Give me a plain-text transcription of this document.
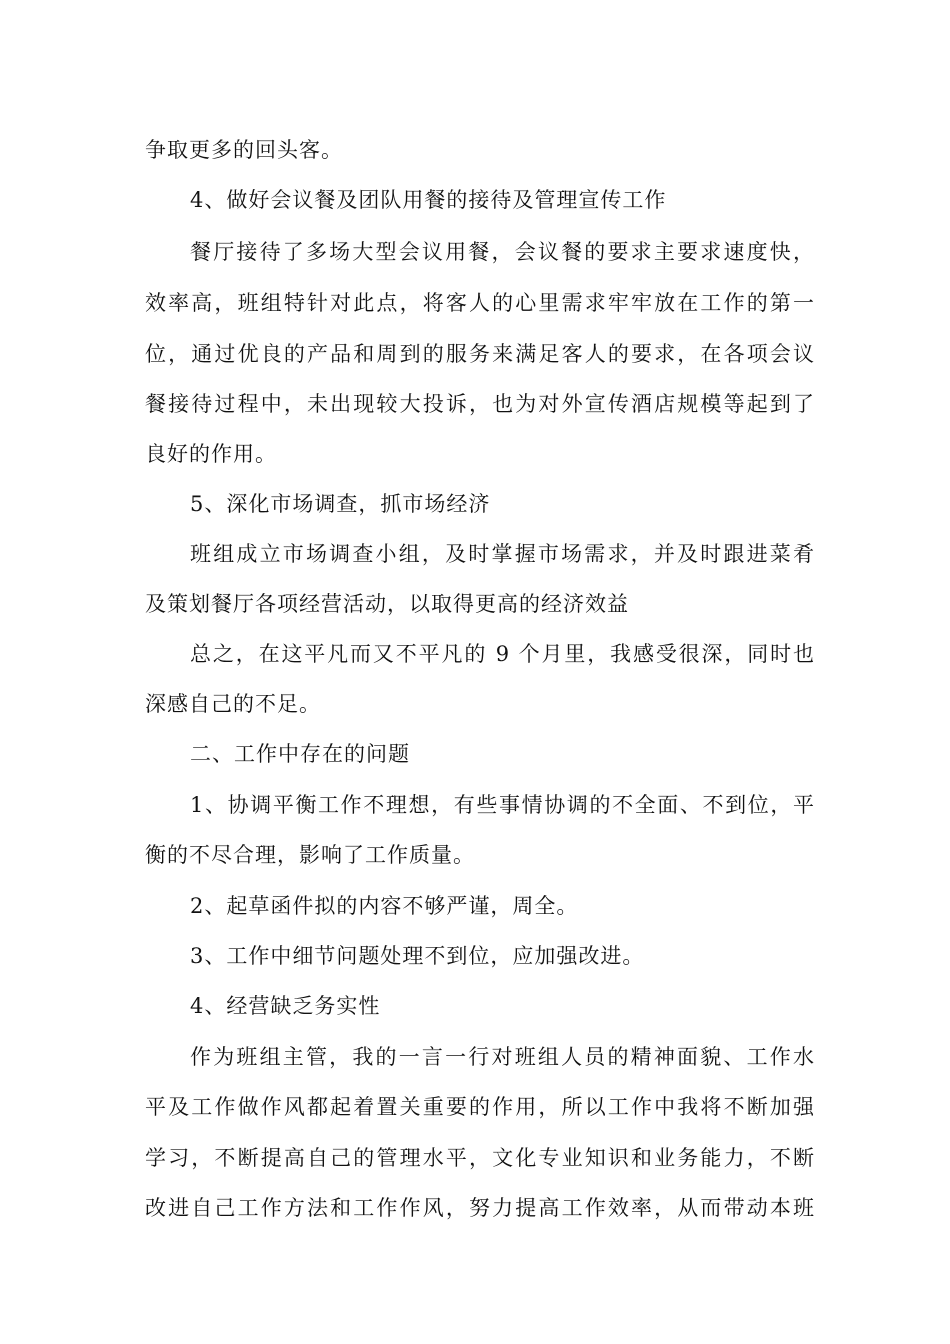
争取更多的回头客。
4、做好会议餐及团队用餐的接待及管理宣传工作
餐厅接待了多场大型会议用餐，会议餐的要求主要求速度快，
效率高，班组特针对此点，将客人的心里需求牢牢放在工作的第一
位，通过优良的产品和周到的服务来满足客人的要求，在各项会议
餐接待过程中，未出现较大投诉，也为对外宣传酒店规模等起到了
良好的作用。
5、深化市场调查，抓市场经济
班组成立市场调查小组，及时掌握市场需求，并及时跟进菜肴
及策划餐厅各项经营活动，以取得更高的经济效益
总之，在这平凡而又不平凡的 9 个月里，我感受很深，同时也
深感自己的不足。
二、工作中存在的问题
1、协调平衡工作不理想，有些事情协调的不全面、不到位，平
衡的不尽合理，影响了工作质量。
2、起草函件拟的内容不够严谨，周全。
3、工作中细节问题处理不到位，应加强改进。
4、经营缺乏务实性
作为班组主管，我的一言一行对班组人员的精神面貌、工作水
平及工作做作风都起着置关重要的作用，所以工作中我将不断加强
学习，不断提高自己的管理水平，文化专业知识和业务能力，不断
改进自己工作方法和工作作风，努力提高工作效率，从而带动本班
